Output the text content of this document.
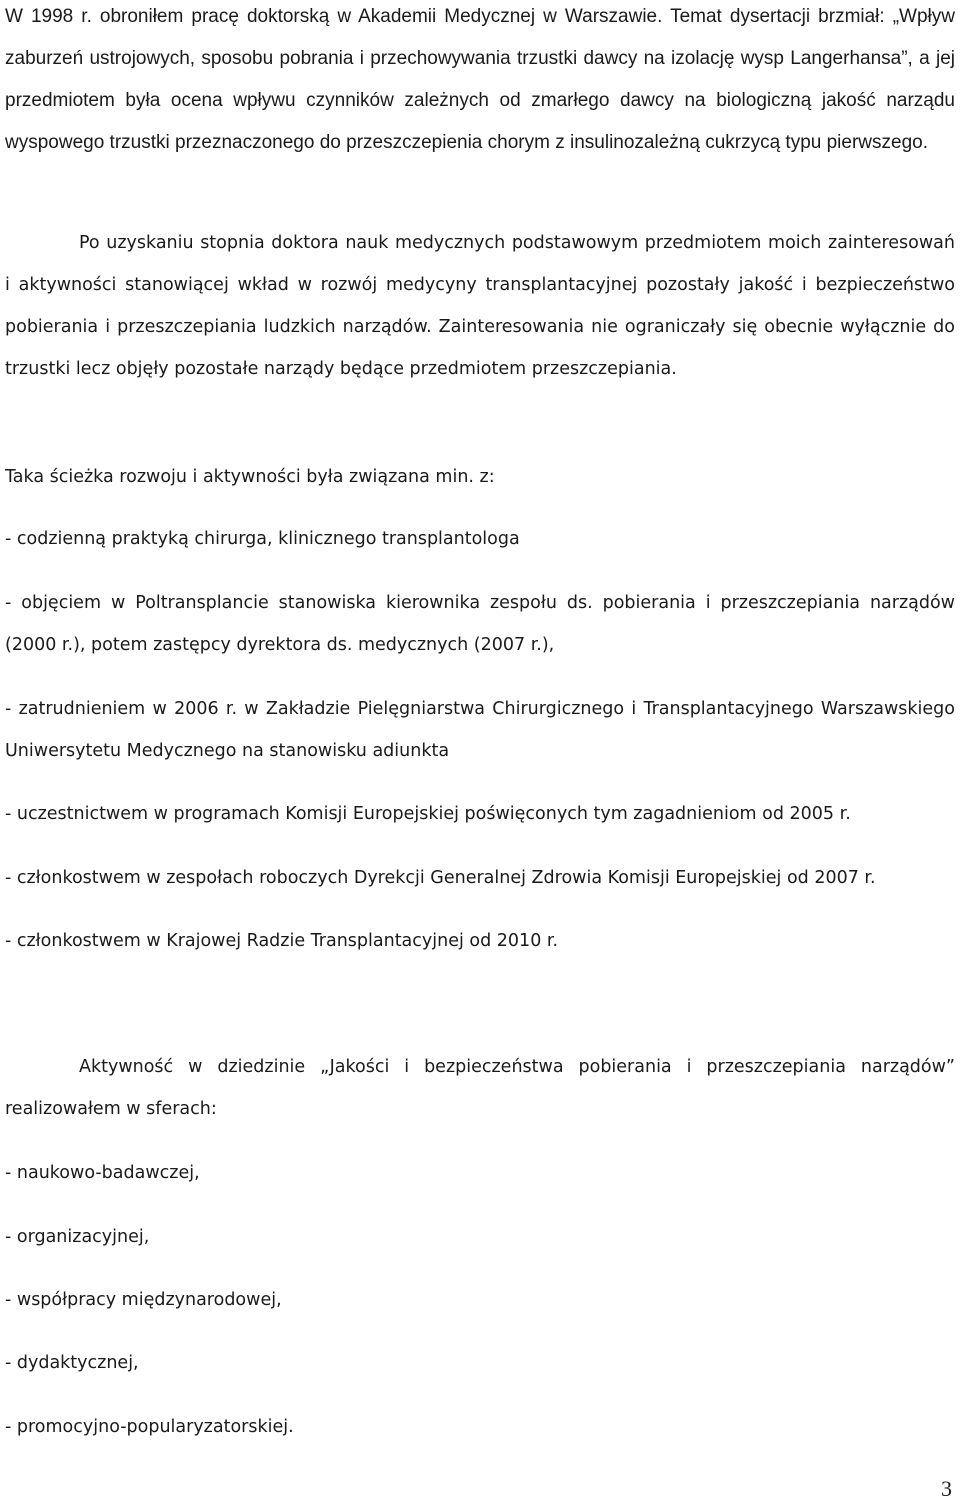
W 1998 r. obroniłem pracę doktorską w Akademii Medycznej w Warszawie. Temat dysertacji brzmiał: „Wpływ zaburzeń ustrojowych, sposobu pobrania i przechowywania trzustki dawcy na izolację wysp Langerhansa”, a jej przedmiotem była ocena wpływu czynników zależnych od zmarłego dawcy na biologiczną jakość narządu wyspowego trzustki przeznaczonego do przeszczepienia chorym z insulinozależną cukrzycą typu pierwszego.

Po uzyskaniu stopnia doktora nauk medycznych podstawowym przedmiotem moich zainteresowań i aktywności stanowiącej wkład w rozwój medycyny transplantacyjnej pozostały jakość i bezpieczeństwo pobierania i przeszczepiania ludzkich narządów. Zainteresowania nie ograniczały się obecnie wyłącznie do trzustki lecz objęły pozostałe narządy będące przedmiotem przeszczepiania.

Taka ścieżka rozwoju i aktywności była związana min. z:

- codzienną praktyką chirurga, klinicznego transplantologa

- objęciem w Poltransplancie stanowiska kierownika zespołu ds. pobierania i przeszczepiania narządów (2000 r.), potem zastępcy dyrektora ds. medycznych (2007 r.),

- zatrudnieniem w 2006 r. w Zakładzie Pielęgniarstwa Chirurgicznego i Transplantacyjnego Warszawskiego Uniwersytetu Medycznego na stanowisku adiunkta

- uczestnictwem w programach Komisji Europejskiej poświęconych tym zagadnieniom od 2005 r.

- członkostwem w zespołach roboczych Dyrekcji Generalnej Zdrowia Komisji Europejskiej od 2007 r.

- członkostwem w Krajowej Radzie Transplantacyjnej od 2010 r.

Aktywność w dziedzinie „Jakości i bezpieczeństwa pobierania i przeszczepiania narządów” realizowałem w sferach:

- naukowo-badawczej,

- organizacyjnej,

- współpracy międzynarodowej,

- dydaktycznej,

- promocyjno-popularyzatorskiej.

3
